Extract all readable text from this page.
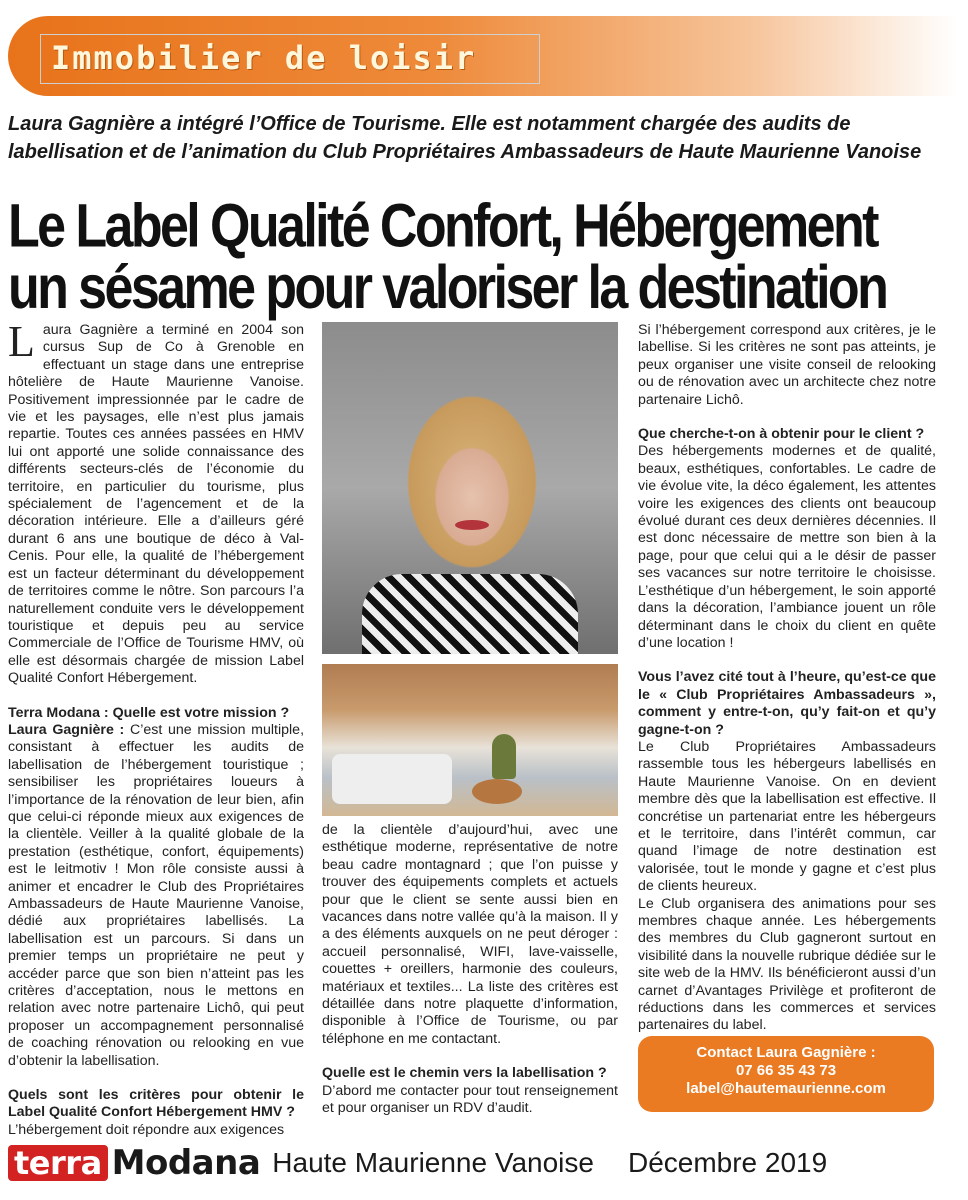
Immobilier de loisir
Laura Gagnière a intégré l’Office de Tourisme. Elle est notamment chargée des audits de labellisation et de l’animation du Club Propriétaires Ambassadeurs de Haute Maurienne Vanoise
Le Label Qualité Confort, Hébergement
un sésame pour valoriser la destination

Laura Gagnière a terminé en 2004 son cursus Sup de Co à Grenoble en effectuant un stage dans une entreprise hôtelière de Haute Maurienne Vanoise. Positivement impressionnée par le cadre de vie et les paysages, elle n’est plus jamais repartie. Toutes ces années passées en HMV lui ont apporté une solide connaissance des différents secteurs-clés de l’économie du territoire, en particulier du tourisme, plus spécialement de l’agencement et de la décoration intérieure. Elle a d’ailleurs géré durant 6 ans une boutique de déco à Val-Cenis. Pour elle, la qualité de l’hébergement est un facteur déterminant du développement de territoires comme le nôtre. Son parcours l’a naturellement conduite vers le développement touristique et depuis peu au service Commerciale de l’Office de Tourisme HMV, où elle est désormais chargée de mission Label Qualité Confort Hébergement.

Terra Modana : Quelle est votre mission ?

Laura Gagnière : C’est une mission multiple, consistant à effectuer les audits de labellisation de l’hébergement touristique ; sensibiliser les propriétaires loueurs à l’importance de la rénovation de leur bien, afin que celui-ci réponde mieux aux exigences de la clientèle. Veiller à la qualité globale de la prestation (esthétique, confort, équipements) est le leitmotiv ! Mon rôle consiste aussi à animer et encadrer le Club des Propriétaires Ambassadeurs de Haute Maurienne Vanoise, dédié aux propriétaires labellisés. La labellisation est un parcours. Si dans un premier temps un propriétaire ne peut y accéder parce que son bien n’atteint pas les critères d’acceptation, nous le mettons en relation avec notre partenaire Lichô, qui peut proposer un accompagnement personnalisé de coaching rénovation ou relooking en vue d’obtenir la labellisation.

Quels sont les critères pour obtenir le Label Qualité Confort Hébergement HMV ?

L’hébergement doit répondre aux exigences

de la clientèle d’aujourd’hui, avec une esthétique moderne, représentative de notre beau cadre montagnard ; que l’on puisse y trouver des équipements complets et actuels pour que le client se sente aussi bien en vacances dans notre vallée qu’à la maison. Il y a des éléments auxquels on ne peut déroger : accueil personnalisé, WIFI, lave-vaisselle, couettes + oreillers, harmonie des couleurs, matériaux et textiles... La liste des critères est détaillée dans notre plaquette d’information, disponible à l’Office de Tourisme, ou par téléphone en me contactant.

Quelle est le chemin vers la labellisation ?

D’abord me contacter pour tout renseignement et pour organiser un RDV d’audit.

Si l’hébergement correspond aux critères, je le labellise. Si les critères ne sont pas atteints, je peux organiser une visite conseil de relooking ou de rénovation avec un architecte chez notre partenaire Lichô.

Que cherche-t-on à obtenir pour le client ?

Des hébergements modernes et de qualité, beaux, esthétiques, confortables. Le cadre de vie évolue vite, la déco également, les attentes voire les exigences des clients ont beaucoup évolué durant ces deux dernières décennies. Il est donc nécessaire de mettre son bien à la page, pour que celui qui a le désir de passer ses vacances sur notre territoire le choisisse. L’esthétique d’un hébergement, le soin apporté dans la décoration, l’ambiance jouent un rôle déterminant dans le choix du client en quête d’une location !

Vous l’avez cité tout à l’heure, qu’est-ce que le « Club Propriétaires Ambassadeurs », comment y entre-t-on, qu’y fait-on et qu’y gagne-t-on ?

Le Club Propriétaires Ambassadeurs rassemble tous les hébergeurs labellisés en Haute Maurienne Vanoise. On en devient membre dès que la labellisation est effective. Il concrétise un partenariat entre les hébergeurs et le territoire, dans l’intérêt commun, car quand l’image de notre destination est valorisée, tout le monde y gagne et c’est plus de clients heureux.

Le Club organisera des animations pour ses membres chaque année. Les hébergements des membres du Club gagneront surtout en visibilité dans la nouvelle rubrique dédiée sur le site web de la HMV. Ils bénéficieront aussi d’un carnet d’Avantages Privilège et profiteront de réductions dans les commerces et services partenaires du label.

Contact Laura Gagnière :
07 66 35 43 73
label@hautemaurienne.com
terra Modana Haute Maurienne Vanoise Décembre 2019
